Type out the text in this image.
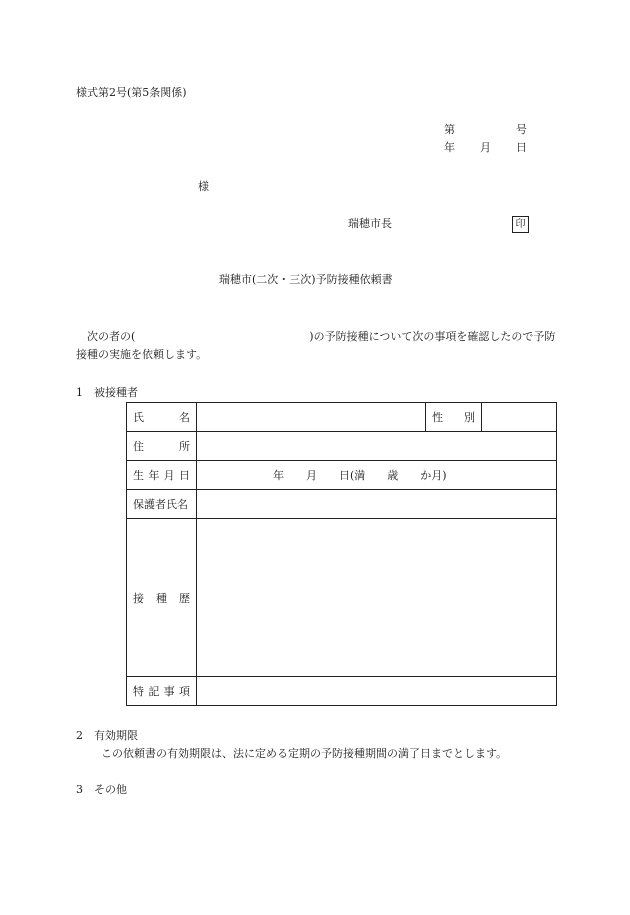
様式第2号(第5条関係)
第	号
年 月 日
様
瑞穂市長	印
瑞穂市(二次・三次)予防接種依頼書
次の者の(	)の予防接種について次の事項を確認したので予防接種の実施を依頼します。
1　被接種者
氏名		性別	
住所			
生年月日	年　　月　　日(満　　歳　　か月)		
保護者氏名			
接種歴			
特記事項			
2　有効期限
この依頼書の有効期限は、法に定める定期の予防接種期間の満了日までとします。
3　その他
